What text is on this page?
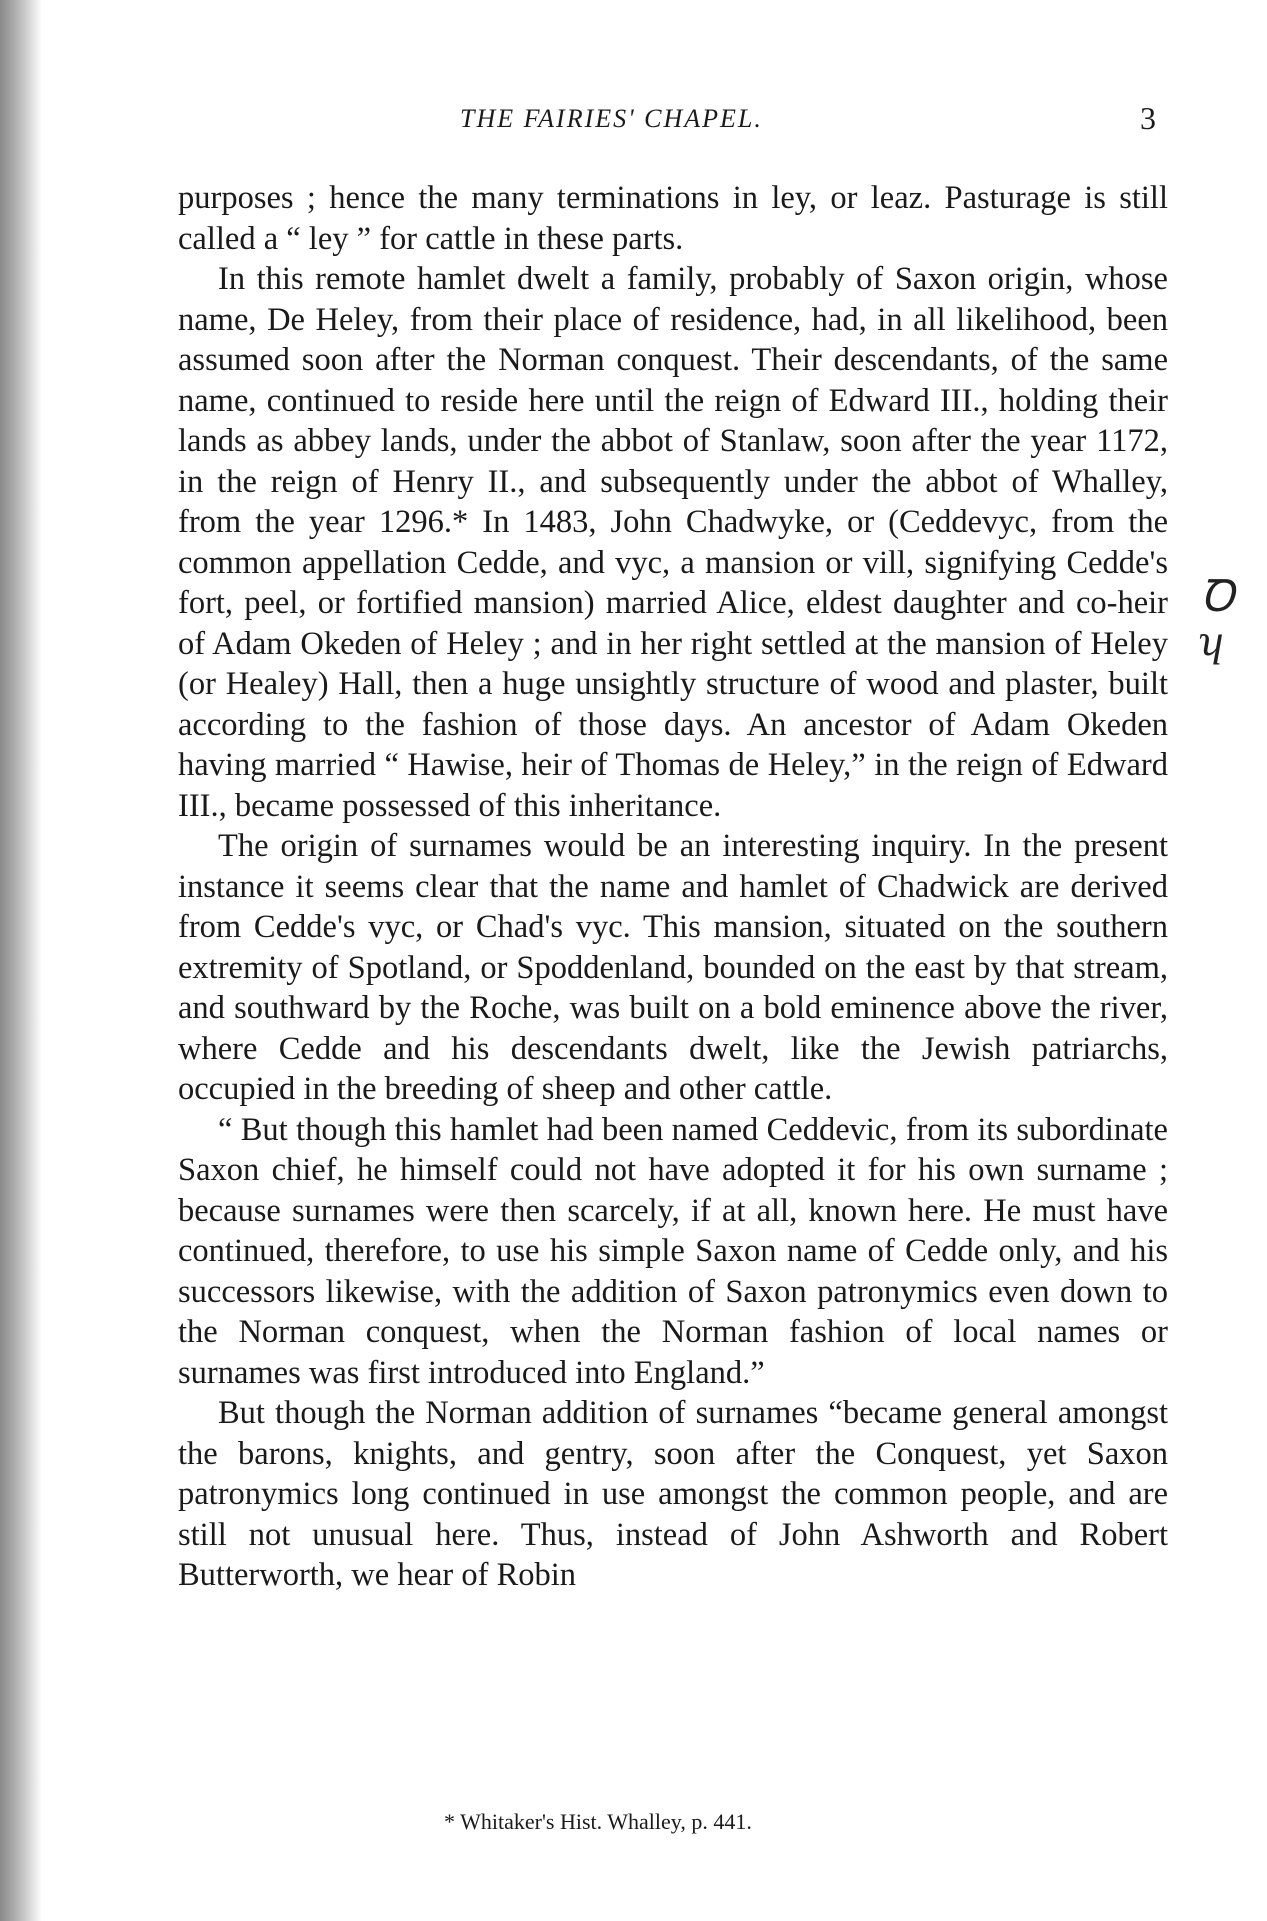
THE FAIRIES' CHAPEL.	3

purposes ; hence the many terminations in ley, or leaz. Pasturage is still called a “ ley ” for cattle in these parts.

In this remote hamlet dwelt a family, probably of Saxon origin, whose name, De Heley, from their place of residence, had, in all likelihood, been assumed soon after the Norman conquest. Their descendants, of the same name, continued to reside here until the reign of Edward III., holding their lands as abbey lands, under the abbot of Stanlaw, soon after the year 1172, in the reign of Henry II., and subsequently under the abbot of Whalley, from the year 1296.* In 1483, John Chadwyke, or (Ceddevyc, from the common appellation Cedde, and vyc, a mansion or vill, signifying Cedde's fort, peel, or fortified mansion) married Alice, eldest daughter and co-heir of Adam Okeden of Heley ; and in her right settled at the mansion of Heley (or Healey) Hall, then a huge unsightly structure of wood and plaster, built according to the fashion of those days. An ancestor of Adam Okeden having married “ Hawise, heir of Thomas de Heley,” in the reign of Edward III., became possessed of this inheritance.

The origin of surnames would be an interesting inquiry. In the present instance it seems clear that the name and hamlet of Chadwick are derived from Cedde's vyc, or Chad's vyc. This mansion, situated on the southern extremity of Spotland, or Spoddenland, bounded on the east by that stream, and southward by the Roche, was built on a bold eminence above the river, where Cedde and his descendants dwelt, like the Jewish patriarchs, occupied in the breeding of sheep and other cattle.

“ But though this hamlet had been named Ceddevic, from its subordinate Saxon chief, he himself could not have adopted it for his own surname ; because surnames were then scarcely, if at all, known here. He must have continued, therefore, to use his simple Saxon name of Cedde only, and his successors likewise, with the addition of Saxon patronymics even down to the Norman conquest, when the Norman fashion of local names or surnames was first introduced into England.”

But though the Norman addition of surnames “became general amongst the barons, knights, and gentry, soon after the Conquest, yet Saxon patronymics long continued in use amongst the common people, and are still not unusual here. Thus, instead of John Ashworth and Robert Butterworth, we hear of Robin

Ꝺ ʮ
* Whitaker's Hist. Whalley, p. 441.
